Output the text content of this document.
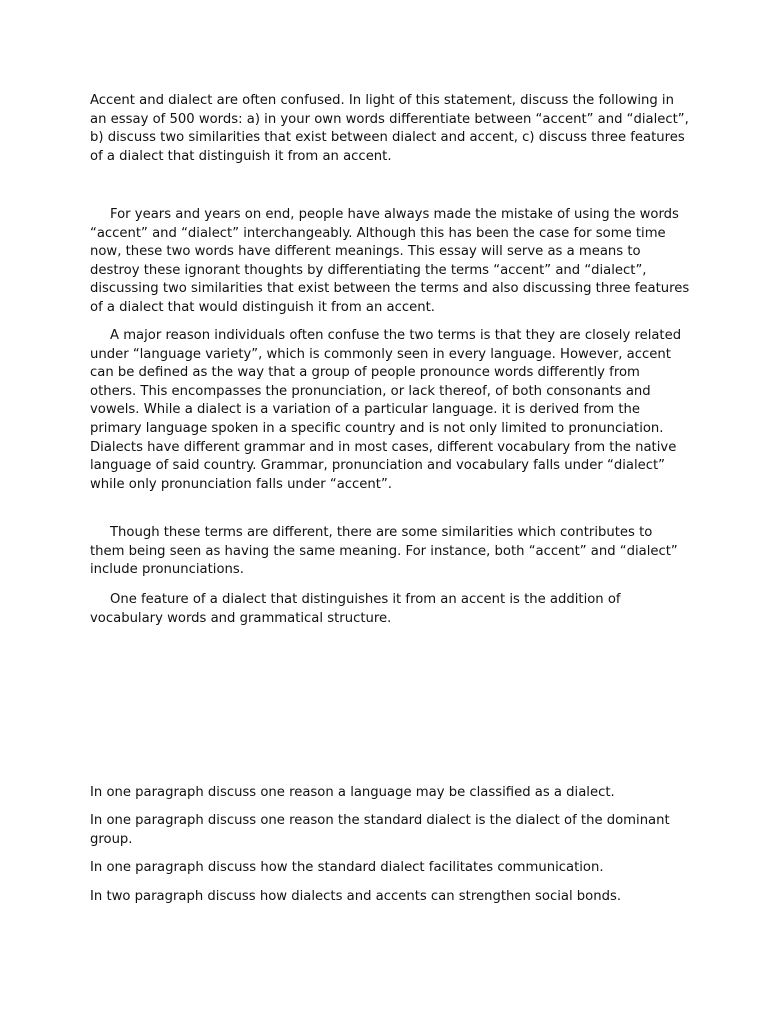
Accent and dialect are often confused. In light of this statement, discuss the following in an essay of 500 words: a) in your own words differentiate between “accent” and “dialect”, b) discuss two similarities that exist between dialect and accent, c) discuss three features of a dialect that distinguish it from an accent.

For years and years on end, people have always made the mistake of using the words “accent” and “dialect” interchangeably. Although this has been the case for some time now, these two words have different meanings. This essay will serve as a means to destroy these ignorant thoughts by differentiating the terms “accent” and “dialect”, discussing two similarities that exist between the terms and also discussing three features of a dialect that would distinguish it from an accent.

A major reason individuals often confuse the two terms is that they are closely related under “language variety”, which is commonly seen in every language. However, accent can be defined as the way that a group of people pronounce words differently from others. This encompasses the pronunciation, or lack thereof, of both consonants and vowels. While a dialect is a variation of a particular language. it is derived from the primary language spoken in a specific country and is not only limited to pronunciation. Dialects have different grammar and in most cases, different vocabulary from the native language of said country. Grammar, pronunciation and vocabulary falls under “dialect” while only pronunciation falls under “accent”.

Though these terms are different, there are some similarities which contributes to them being seen as having the same meaning. For instance, both “accent” and “dialect” include pronunciations.

One feature of a dialect that distinguishes it from an accent is the addition of vocabulary words and grammatical structure.

In one paragraph discuss one reason a language may be classified as a dialect.

In one paragraph discuss one reason the standard dialect is the dialect of the dominant group.

In one paragraph discuss how the standard dialect facilitates communication.

In two paragraph discuss how dialects and accents can strengthen social bonds.
